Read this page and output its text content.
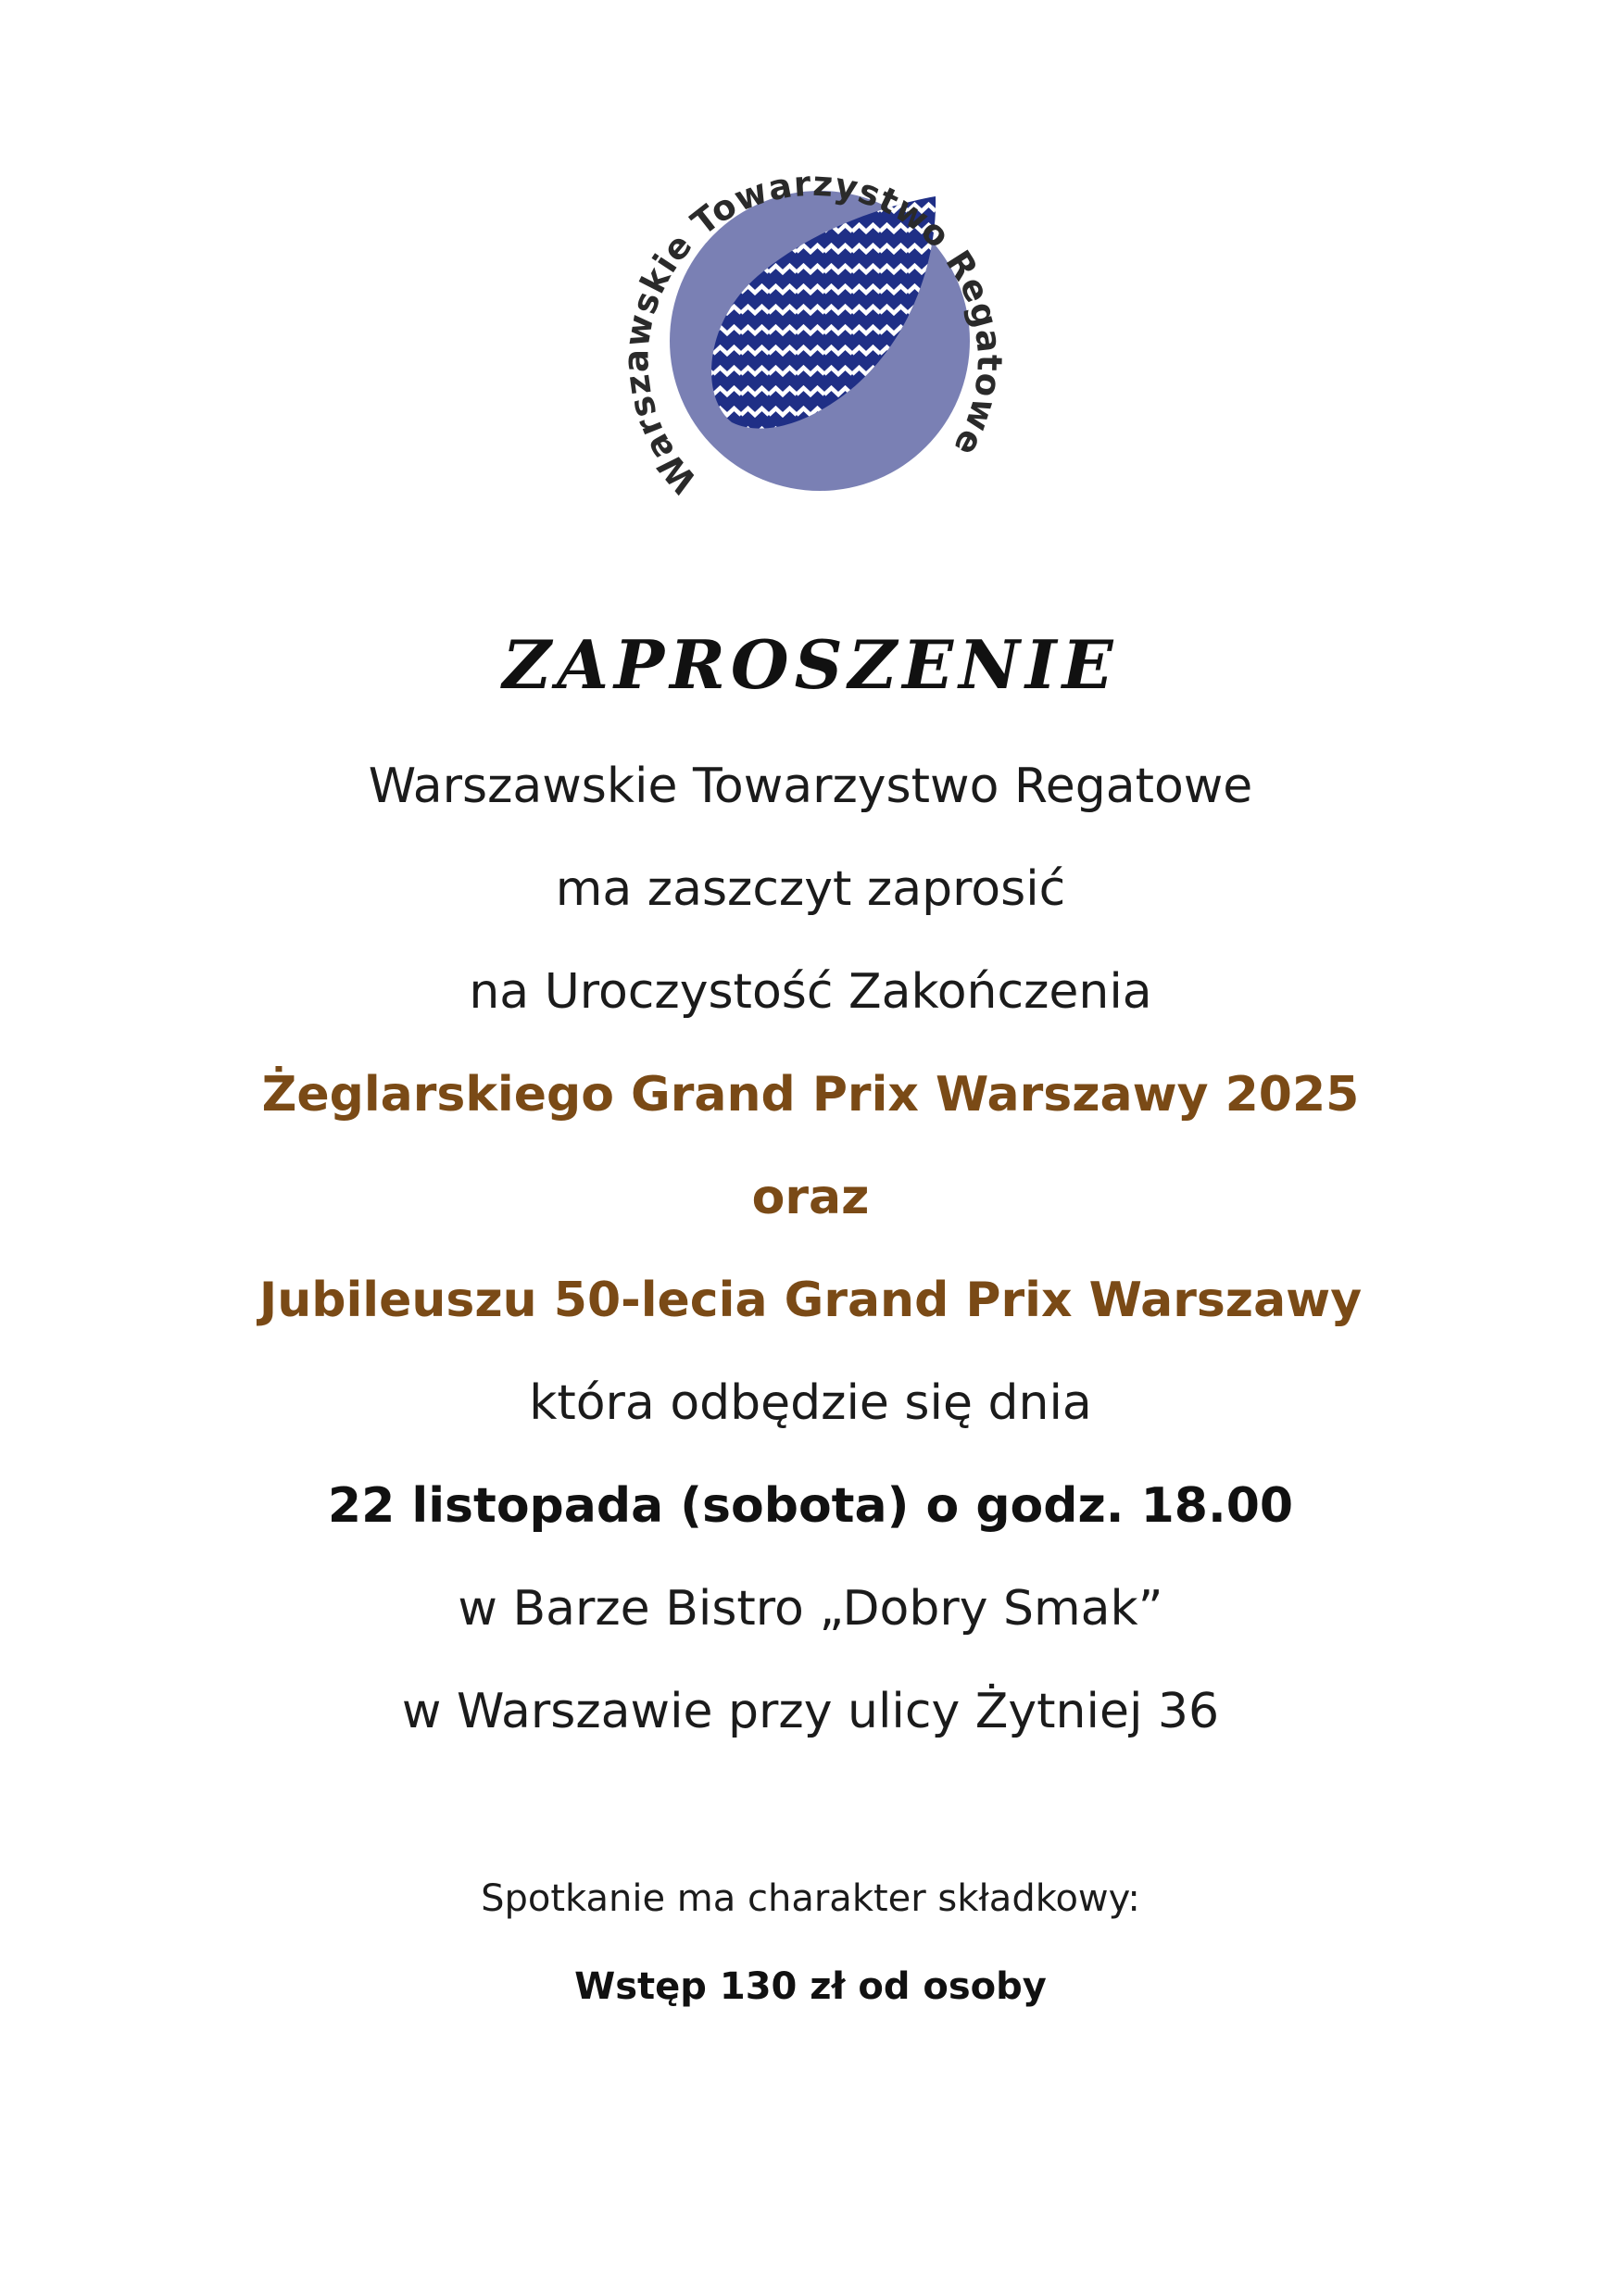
Warszawskie Towarzystwo Regatowe
ZAPROSZENIE
Warszawskie Towarzystwo Regatowe
ma zaszczyt zaprosić
na Uroczystość Zakończenia
Żeglarskiego Grand Prix Warszawy 2025
oraz
Jubileuszu 50-lecia Grand Prix Warszawy
która odbędzie się dnia
22 listopada (sobota) o godz. 18.00
w Barze Bistro „Dobry Smak”
w Warszawie przy ulicy Żytniej 36
Spotkanie ma charakter składkowy:
Wstęp 130 zł od osoby
